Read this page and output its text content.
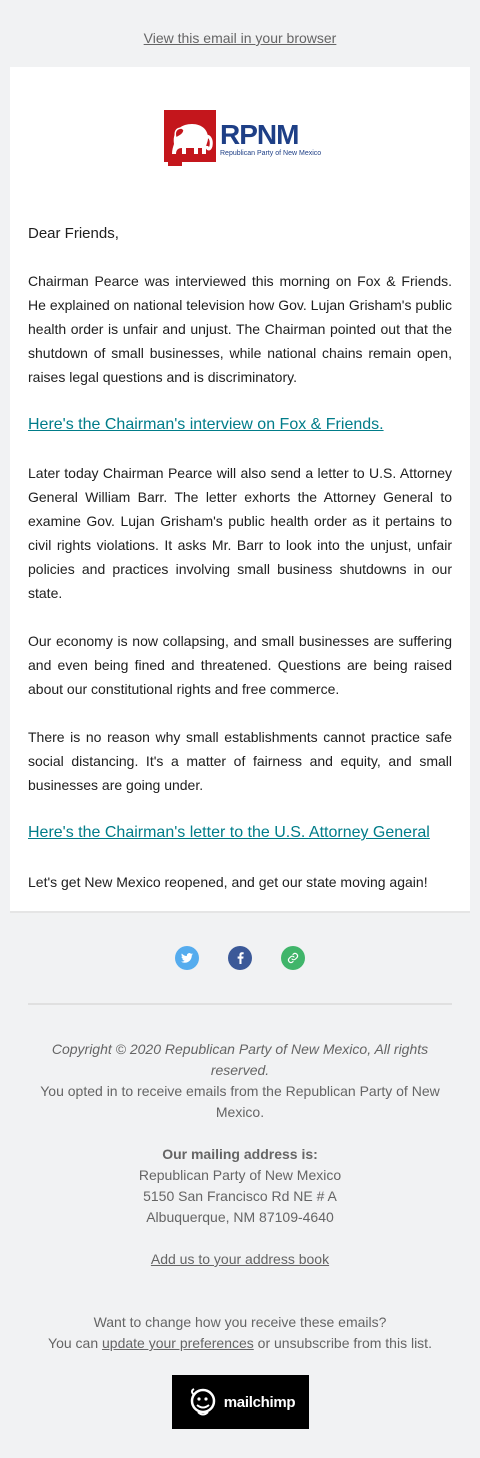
View this email in your browser
RPNM
Republican Party of New Mexico
Dear Friends,
Chairman Pearce was interviewed this morning on Fox & Friends. He explained on national television how Gov. Lujan Grisham's public health order is unfair and unjust. The Chairman pointed out that the shutdown of small businesses, while national chains remain open, raises legal questions and is discriminatory.
Here's the Chairman's interview on Fox & Friends.
Later today Chairman Pearce will also send a letter to U.S. Attorney General William Barr. The letter exhorts the Attorney General to examine Gov. Lujan Grisham's public health order as it pertains to civil rights violations. It asks Mr. Barr to look into the unjust, unfair policies and practices involving small business shutdowns in our state.
Our economy is now collapsing, and small businesses are suffering and even being fined and threatened. Questions are being raised about our constitutional rights and free commerce.
There is no reason why small establishments cannot practice safe social distancing. It's a matter of fairness and equity, and small businesses are going under.
Here's the Chairman's letter to the U.S. Attorney General
Let's get New Mexico reopened, and get our state moving again!
Copyright © 2020 Republican Party of New Mexico, All rights reserved.
You opted in to receive emails from the Republican Party of New Mexico.
Our mailing address is:
Republican Party of New Mexico
5150 San Francisco Rd NE # A
Albuquerque, NM 87109-4640
Add us to your address book
Want to change how you receive these emails?
You can update your preferences or unsubscribe from this list.
mailchimp
